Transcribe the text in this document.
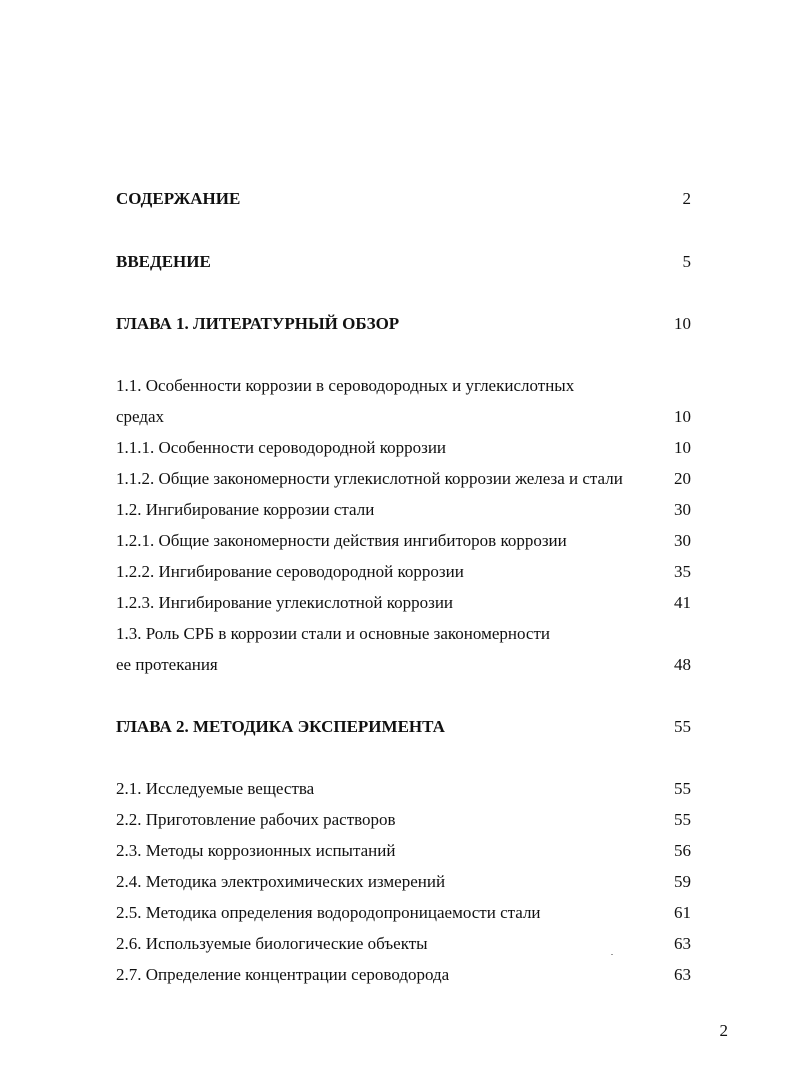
СОДЕРЖАНИЕ	2
ВВЕДЕНИЕ	5
ГЛАВА 1. ЛИТЕРАТУРНЫЙ ОБЗОР	10
1.1. Особенности коррозии в сероводородных и углекислотных
средах	10
1.1.1. Особенности сероводородной коррозии	10
1.1.2. Общие закономерности углекислотной коррозии железа и стали	20
1.2. Ингибирование коррозии стали	30
1.2.1. Общие закономерности действия ингибиторов коррозии	30
1.2.2. Ингибирование сероводородной коррозии	35
1.2.3. Ингибирование углекислотной коррозии	41
1.3. Роль СРБ в коррозии стали и основные закономерности
ее протекания	48
ГЛАВА 2. МЕТОДИКА ЭКСПЕРИМЕНТА	55
2.1. Исследуемые вещества	55
2.2. Приготовление рабочих растворов	55
2.3. Методы коррозионных испытаний	56
2.4. Методика электрохимических измерений	59
2.5. Методика определения водородопроницаемости стали	61
2.6. Используемые биологические объекты	63
2.7. Определение концентрации сероводорода	63
2
